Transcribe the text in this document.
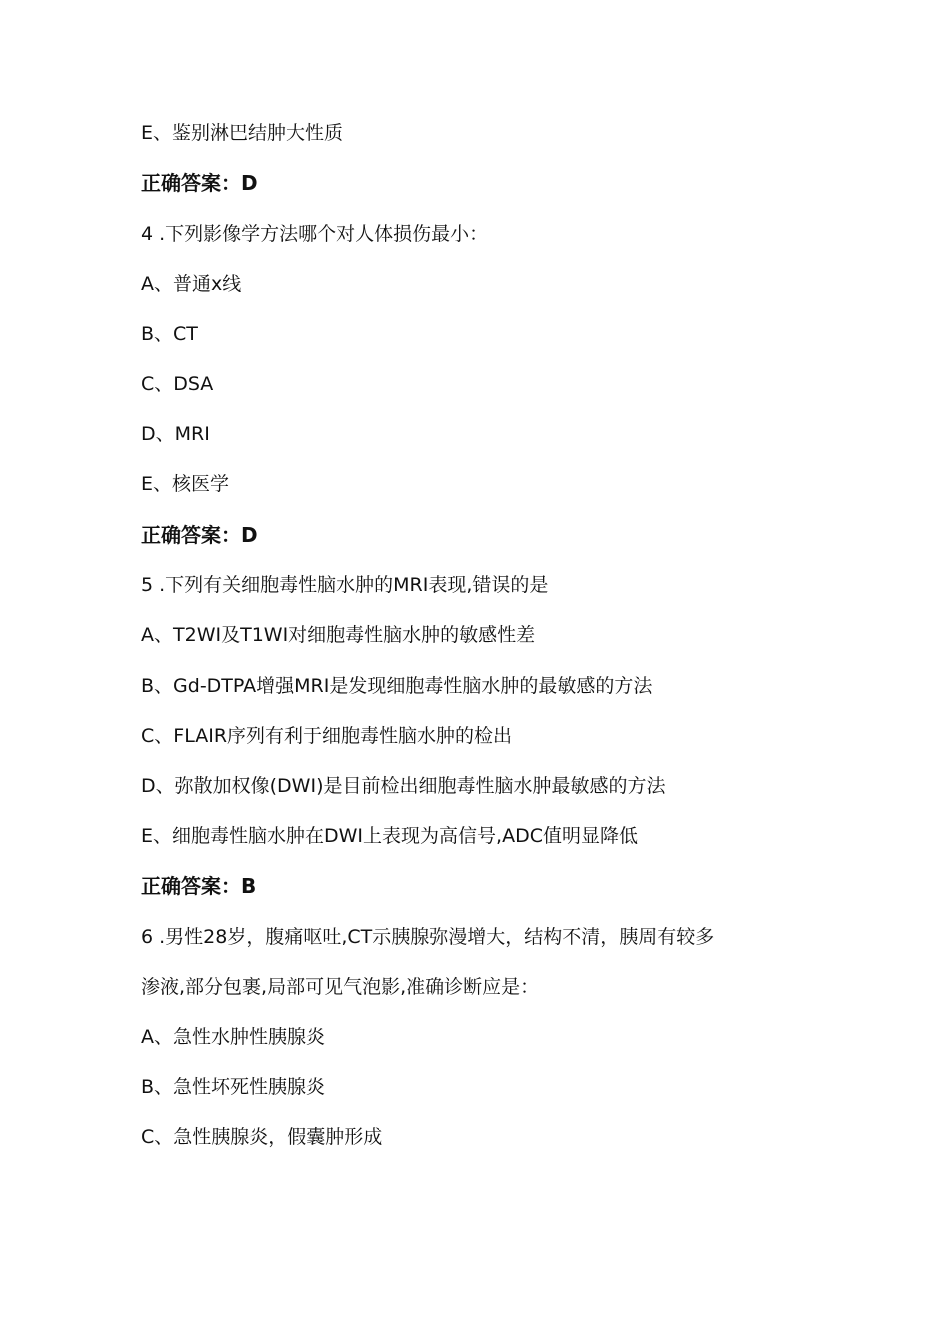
E、鉴别淋巴结肿大性质
正确答案：D
4 .下列影像学方法哪个对人体损伤最小：
A、普通x线
B、CT
C、DSA
D、MRI
E、核医学
正确答案：D
5 .下列有关细胞毒性脑水肿的MRI表现,错误的是
A、T2WI及T1WI对细胞毒性脑水肿的敏感性差
B、Gd-DTPA增强MRI是发现细胞毒性脑水肿的最敏感的方法
C、FLAIR序列有利于细胞毒性脑水肿的检出
D、弥散加权像(DWI)是目前检出细胞毒性脑水肿最敏感的方法
E、细胞毒性脑水肿在DWI上表现为高信号,ADC值明显降低
正确答案：B
6 .男性28岁，腹痛呕吐,CT示胰腺弥漫增大，结构不清，胰周有较多
渗液,部分包裹,局部可见气泡影,准确诊断应是：
A、急性水肿性胰腺炎
B、急性坏死性胰腺炎
C、急性胰腺炎，假囊肿形成
